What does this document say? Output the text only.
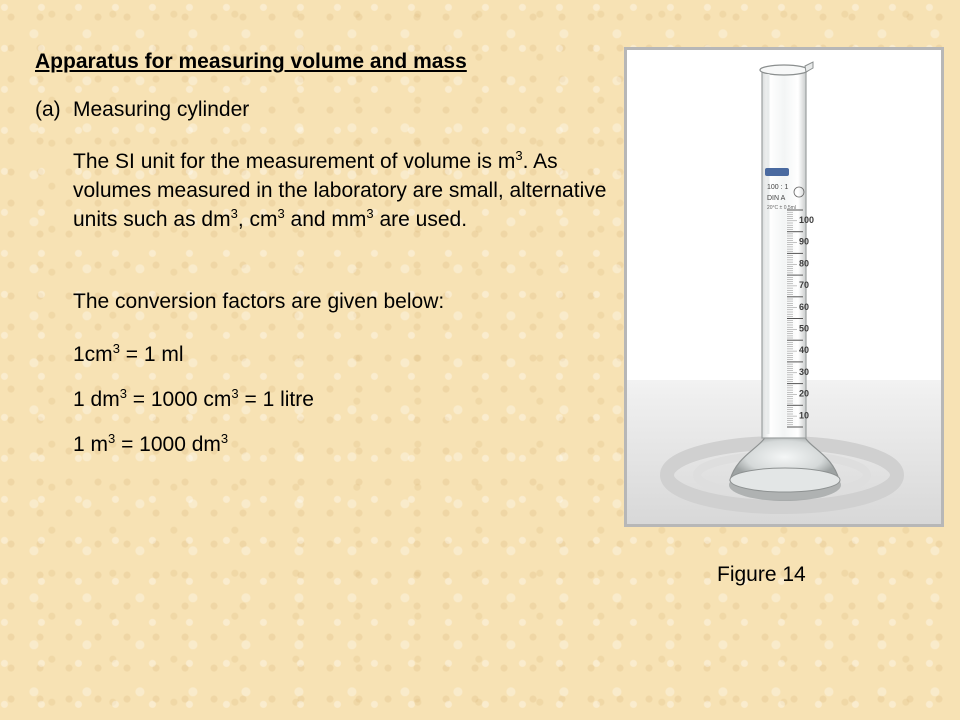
Apparatus for measuring volume and mass
(a) Measuring cylinder
The SI unit for the measurement of volume is $m^3$. As volumes measured in the laboratory are small, alternative units such as $dm^3$, $cm^3$ and $mm^3$ are used.
The conversion factors are given below:
$1cm^3 = 1$ ml
1 $dm^3 = 1000$ $cm^3 = 1$ litre
1 $m^3 = 1000$ $dm^3$
100 : 1
DIN A
20°C ± 0,5ml
100
90
80
70
60
50
40
30
20
10
Figure 14
